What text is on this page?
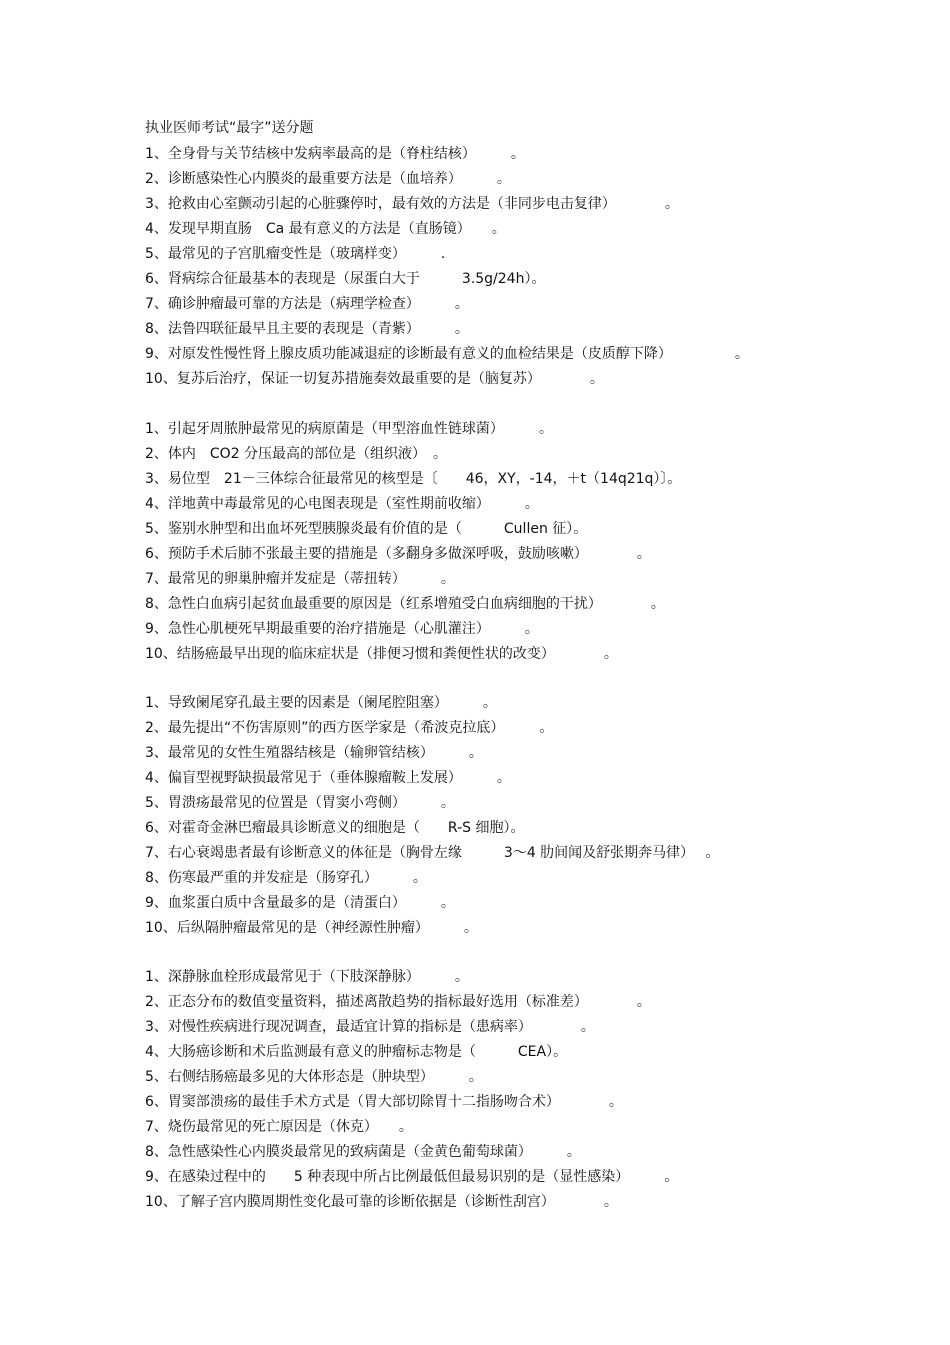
执业医师考试“最字”送分题
1、全身骨与关节结核中发病率最高的是（脊柱结核）　　　。
2、诊断感染性心内膜炎的最重要方法是（血培养）　　　。
3、抢救由心室颤动引起的心脏骤停时，最有效的方法是（非同步电击复律）　　　　。
4、发现早期直肠　Ca 最有意义的方法是（直肠镜）　　。
5、最常见的子宫肌瘤变性是（玻璃样变）　　　.
6、肾病综合征最基本的表现是（尿蛋白大于　　　3.5g/24h）。
7、确诊肿瘤最可靠的方法是（病理学检查）　　　。
8、法鲁四联征最早且主要的表现是（青紫）　　　。
9、对原发性慢性肾上腺皮质功能减退症的诊断最有意义的血检结果是（皮质醇下降）　　　　　。
10、复苏后治疗，保证一切复苏措施奏效最重要的是（脑复苏）　　　　。
1、引起牙周脓肿最常见的病原菌是（甲型溶血性链球菌）　　　。
2、体内　CO2 分压最高的部位是（组织液）　。
3、易位型　21－三体综合征最常见的核型是〔　　46，XY，-14，＋t（14q21q）〕。
4、洋地黄中毒最常见的心电图表现是（室性期前收缩）　　　。
5、鉴别水肿型和出血坏死型胰腺炎最有价值的是（　　　Cullen 征）。
6、预防手术后肺不张最主要的措施是（多翻身多做深呼吸，鼓励咳嗽）　　　　。
7、最常见的卵巢肿瘤并发症是（蒂扭转）　　　。
8、急性白血病引起贫血最重要的原因是（红系增殖受白血病细胞的干扰）　　　　。
9、急性心肌梗死早期最重要的治疗措施是（心肌灌注）　　　。
10、结肠癌最早出现的临床症状是（排便习惯和粪便性状的改变）　　　　。
1、导致阑尾穿孔最主要的因素是（阑尾腔阻塞）　　　。
2、最先提出“不伤害原则”的西方医学家是（希波克拉底）　　　。
3、最常见的女性生殖器结核是（输卵管结核）　　　。
4、偏盲型视野缺损最常见于（垂体腺瘤鞍上发展）　　　。
5、胃溃疡最常见的位置是（胃窦小弯侧）　　　。
6、对霍奇金淋巴瘤最具诊断意义的细胞是（　　R-S 细胞）。
7、右心衰竭患者最有诊断意义的体征是（胸骨左缘　　　3～4 肋间闻及舒张期奔马律）　 。
8、伤寒最严重的并发症是（肠穿孔）　　　。
9、血浆蛋白质中含量最多的是（清蛋白）　　　。
10、后纵隔肿瘤最常见的是（神经源性肿瘤）　　　。
1、深静脉血栓形成最常见于（下肢深静脉）　　　。
2、正态分布的数值变量资料，描述离散趋势的指标最好选用（标准差）　　　　。
3、对慢性疾病进行现况调查，最适宜计算的指标是（患病率）　　　　。
4、大肠癌诊断和术后监测最有意义的肿瘤标志物是（　　　CEA）。
5、右侧结肠癌最多见的大体形态是（肿块型）　　　。
6、胃窦部溃疡的最佳手术方式是（胃大部切除胃十二指肠吻合术）　　　　。
7、烧伤最常见的死亡原因是（休克）　　。
8、急性感染性心内膜炎最常见的致病菌是（金黄色葡萄球菌）　　　。
9、在感染过程中的　　5 种表现中所占比例最低但最易识别的是（显性感染）　　　。
10、了解子宫内膜周期性变化最可靠的诊断依据是（诊断性刮宫）　　　　。
